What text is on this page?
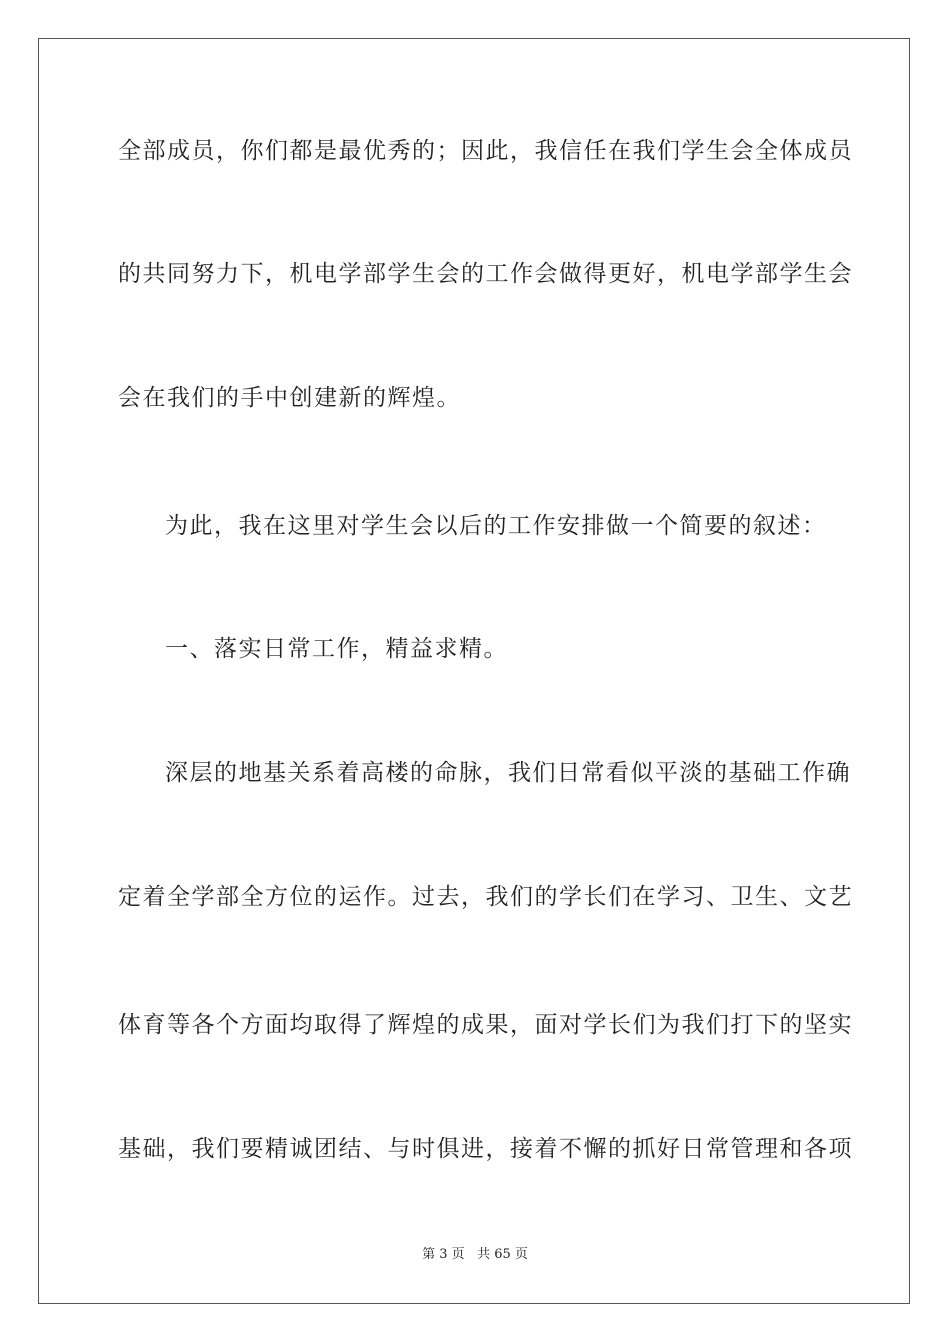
全部成员，你们都是最优秀的；因此，我信任在我们学生会全体成员
的共同努力下，机电学部学生会的工作会做得更好，机电学部学生会
会在我们的手中创建新的辉煌。
为此，我在这里对学生会以后的工作安排做一个简要的叙述：
一、落实日常工作，精益求精。
深层的地基关系着高楼的命脉，我们日常看似平淡的基础工作确
定着全学部全方位的运作。过去，我们的学长们在学习、卫生、文艺
体育等各个方面均取得了辉煌的成果，面对学长们为我们打下的坚实
基础，我们要精诚团结、与时俱进，接着不懈的抓好日常管理和各项
第 3 页 共 65 页
